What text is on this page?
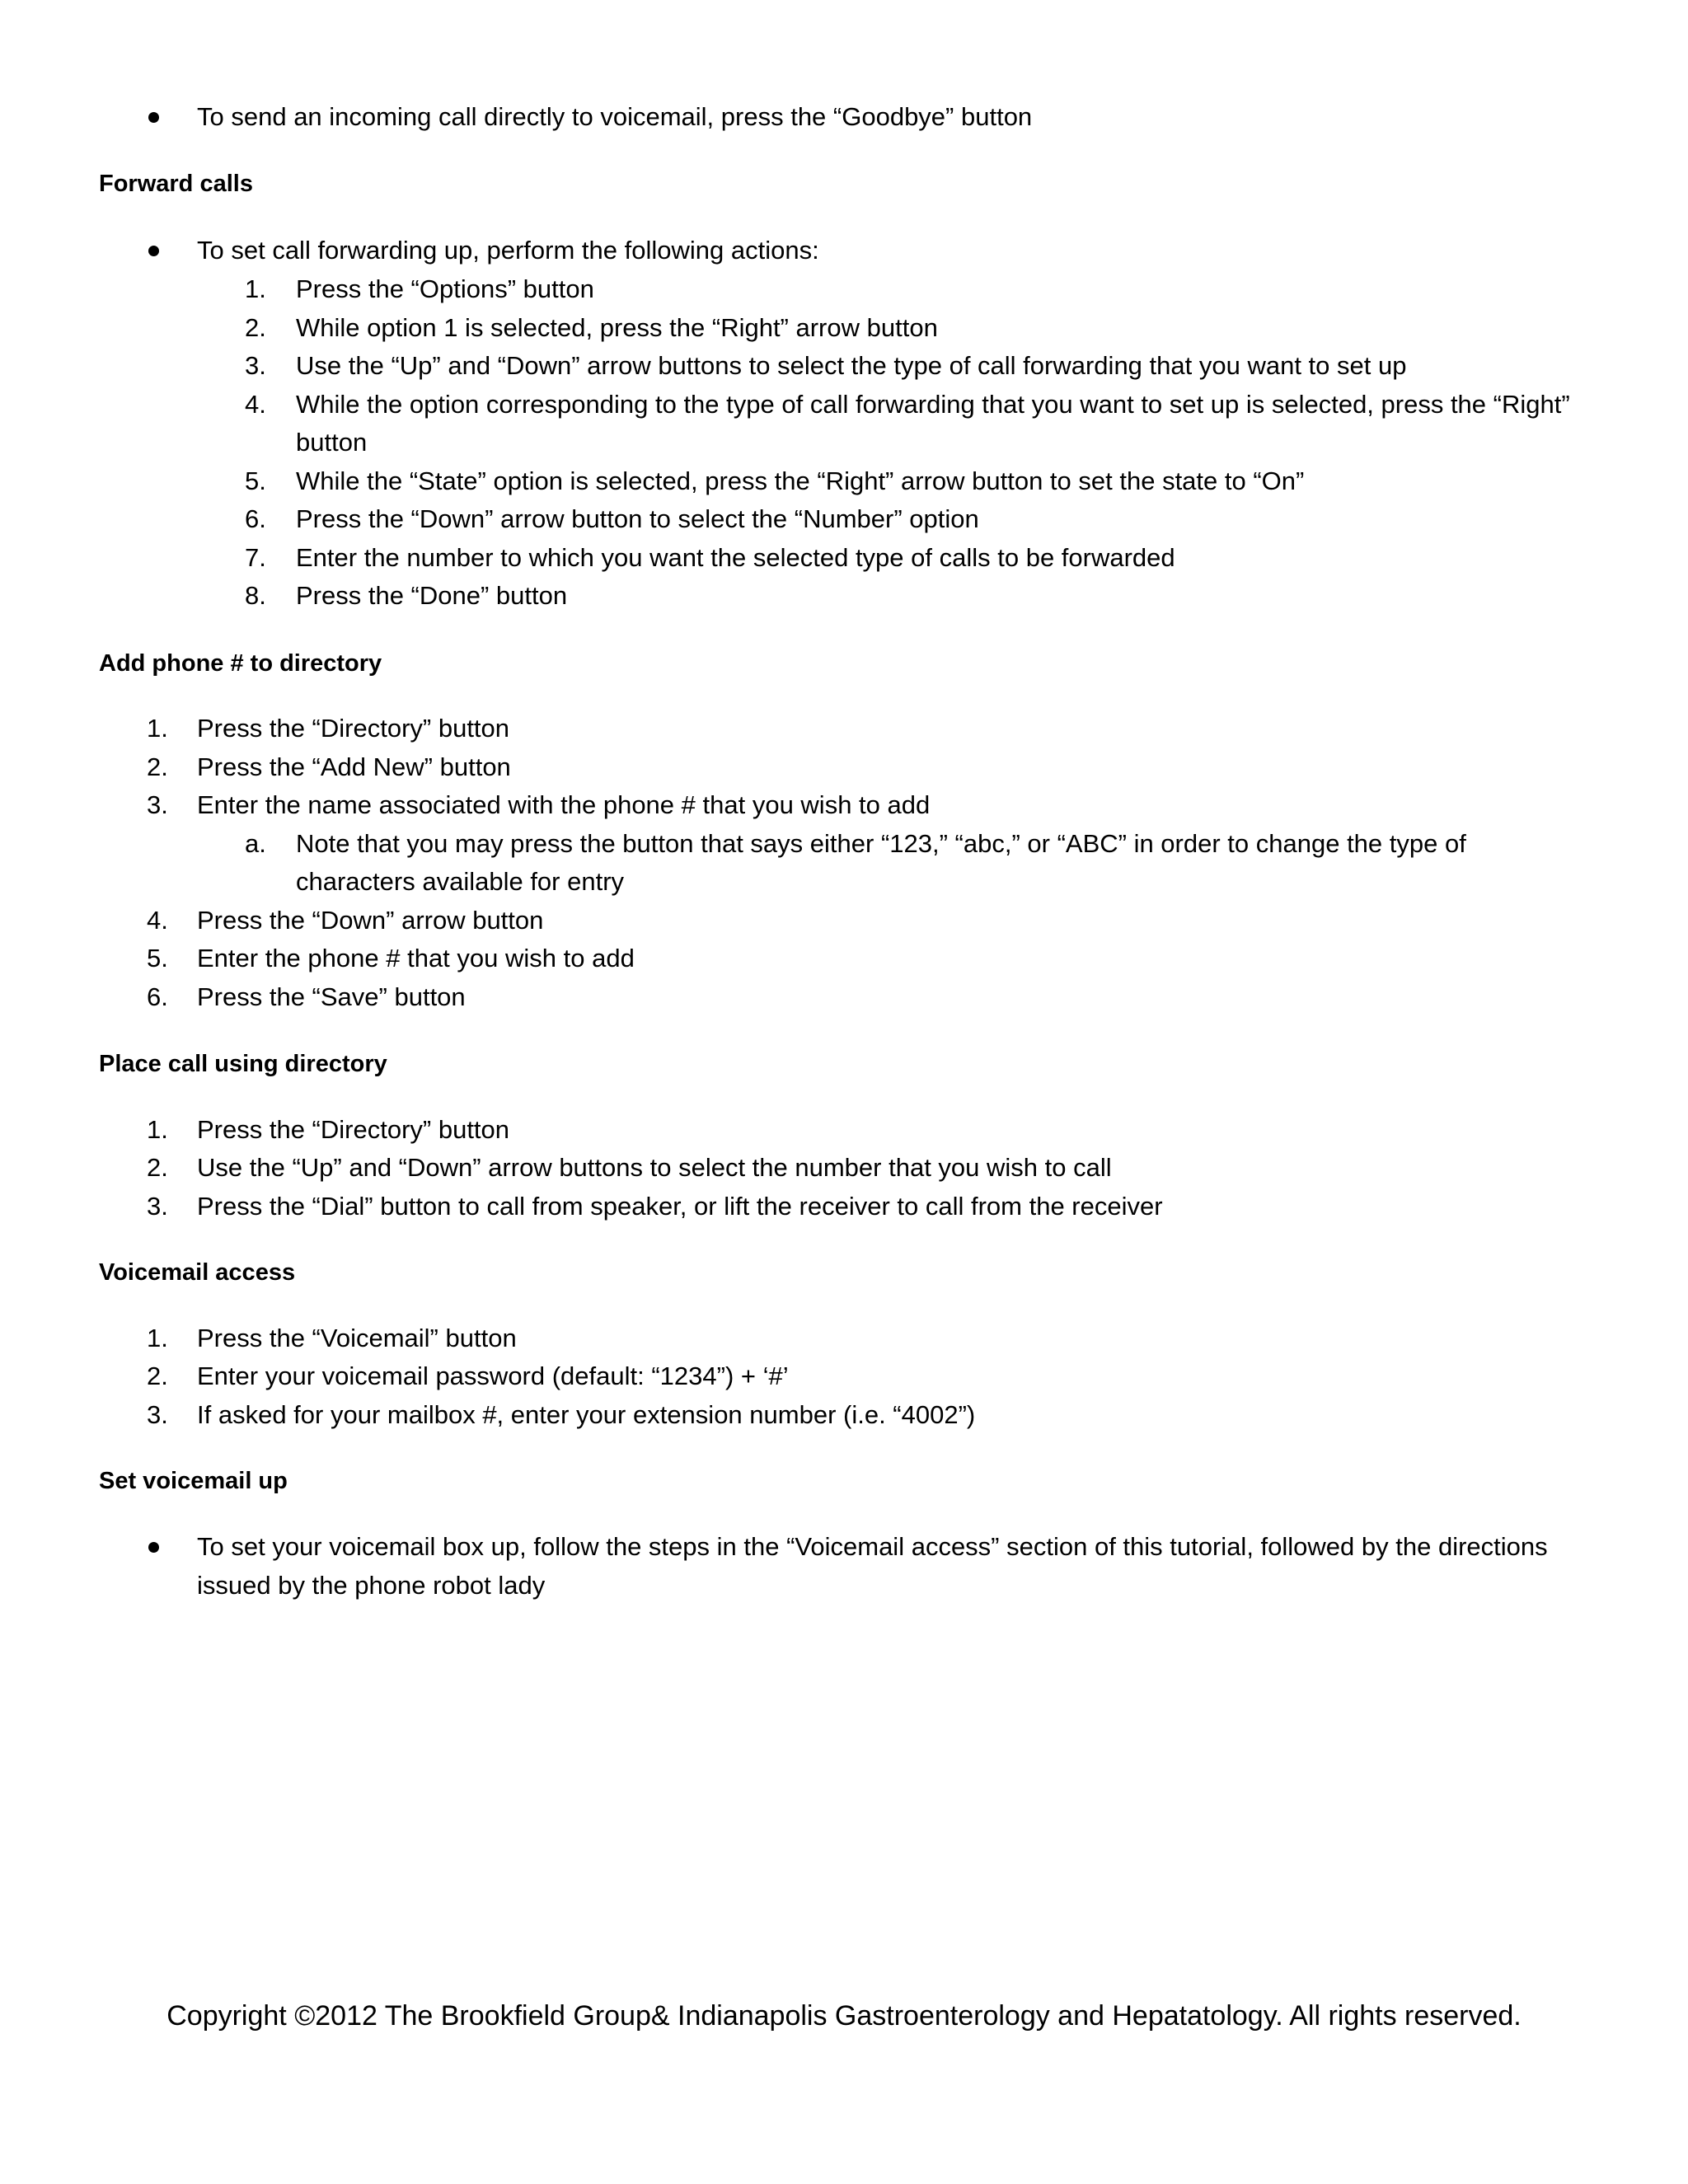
To send an incoming call directly to voicemail, press the “Goodbye” button
Forward calls
To set call forwarding up, perform the following actions:
1. Press the “Options” button
2. While option 1 is selected, press the “Right” arrow button
3. Use the “Up” and “Down” arrow buttons to select the type of call forwarding that you want to set up
4. While the option corresponding to the type of call forwarding that you want to set up is selected, press the “Right”
button
5. While the “State” option is selected, press the “Right” arrow button to set the state to “On”
6. Press the “Down” arrow button to select the “Number” option
7. Enter the number to which you want the selected type of calls to be forwarded
8. Press the “Done” button
Add phone # to directory
1. Press the “Directory” button
2. Press the “Add New” button
3. Enter the name associated with the phone # that you wish to add
a. Note that you may press the button that says either “123,” “abc,” or “ABC” in order to change the type of
characters available for entry
4. Press the “Down” arrow button
5. Enter the phone # that you wish to add
6. Press the “Save” button
Place call using directory
1. Press the “Directory” button
2. Use the “Up” and “Down” arrow buttons to select the number that you wish to call
3. Press the “Dial” button to call from speaker, or lift the receiver to call from the receiver
Voicemail access
1. Press the “Voicemail” button
2. Enter your voicemail password (default: “1234”) + ‘#’
3. If asked for your mailbox #, enter your extension number (i.e. “4002”)
Set voicemail up
To set your voicemail box up, follow the steps in the “Voicemail access” section of this tutorial, followed by the directions
issued by the phone robot lady
Copyright ©2012 The Brookfield Group& Indianapolis Gastroenterology and Hepatatology. All rights reserved.
